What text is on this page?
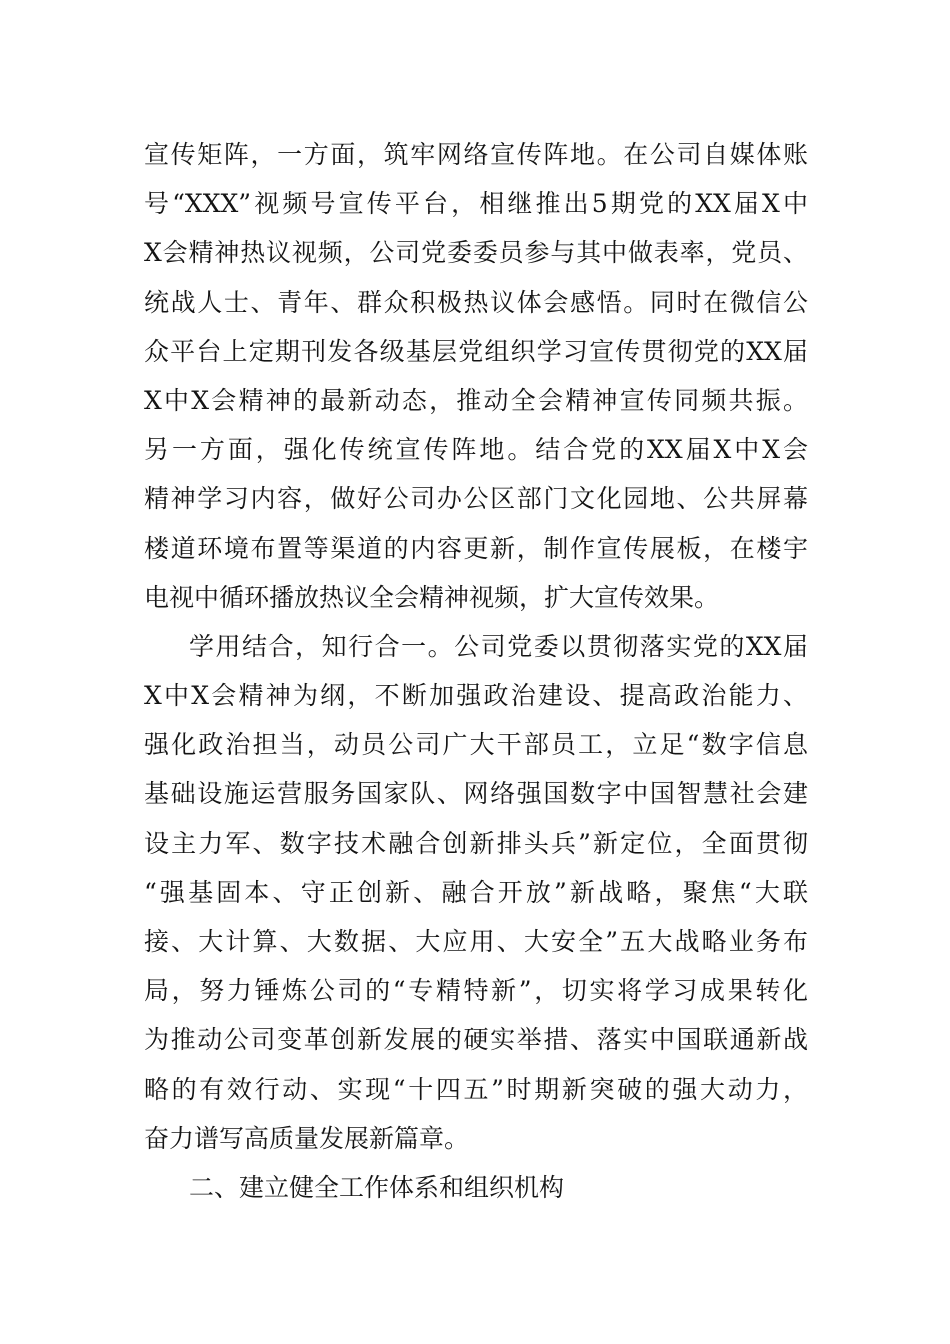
宣传矩阵，一方面，筑牢网络宣传阵地。在公司自媒体账
号“XXX”视频号宣传平台，相继推出5期党的XX届X中
X会精神热议视频，公司党委委员参与其中做表率，党员、
统战人士、青年、群众积极热议体会感悟。同时在微信公
众平台上定期刊发各级基层党组织学习宣传贯彻党的XX届
X中X会精神的最新动态，推动全会精神宣传同频共振。
另一方面，强化传统宣传阵地。结合党的XX届X中X会
精神学习内容，做好公司办公区部门文化园地、公共屏幕
楼道环境布置等渠道的内容更新，制作宣传展板，在楼宇
电视中循环播放热议全会精神视频，扩大宣传效果。
学用结合，知行合一。公司党委以贯彻落实党的XX届
X中X会精神为纲，不断加强政治建设、提高政治能力、
强化政治担当，动员公司广大干部员工，立足“数字信息
基础设施运营服务国家队、网络强国数字中国智慧社会建
设主力军、数字技术融合创新排头兵”新定位，全面贯彻
“强基固本、守正创新、融合开放”新战略，聚焦“大联
接、大计算、大数据、大应用、大安全”五大战略业务布
局，努力锤炼公司的“专精特新”，切实将学习成果转化
为推动公司变革创新发展的硬实举措、落实中国联通新战
略的有效行动、实现“十四五”时期新突破的强大动力，
奋力谱写高质量发展新篇章。
二、建立健全工作体系和组织机构
